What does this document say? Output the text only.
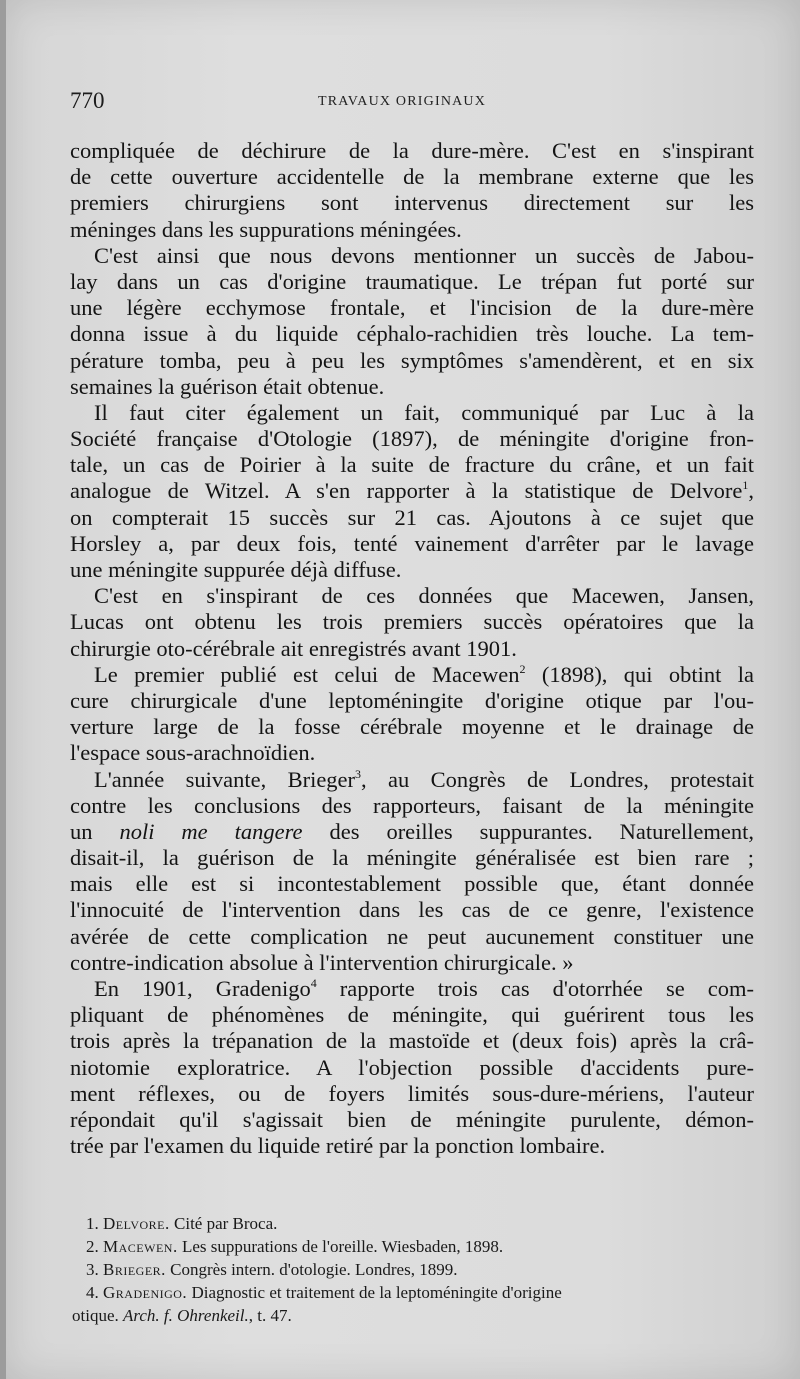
770	TRAVAUX ORIGINAUX
compliquée de déchirure de la dure-mère. C'est en s'inspirant
de cette ouverture accidentelle de la membrane externe que les
premiers chirurgiens sont intervenus directement sur les
méninges dans les suppurations méningées.
C'est ainsi que nous devons mentionner un succès de Jabou-
lay dans un cas d'origine traumatique. Le trépan fut porté sur
une légère ecchymose frontale, et l'incision de la dure-mère
donna issue à du liquide céphalo-rachidien très louche. La tem-
pérature tomba, peu à peu les symptômes s'amendèrent, et en six
semaines la guérison était obtenue.
Il faut citer également un fait, communiqué par Luc à la
Société française d'Otologie (1897), de méningite d'origine fron-
tale, un cas de Poirier à la suite de fracture du crâne, et un fait
analogue de Witzel. A s'en rapporter à la statistique de Delvore$^1$,
on compterait 15 succès sur 21 cas. Ajoutons à ce sujet que
Horsley a, par deux fois, tenté vainement d'arrêter par le lavage
une méningite suppurée déjà diffuse.
C'est en s'inspirant de ces données que Macewen, Jansen,
Lucas ont obtenu les trois premiers succès opératoires que la
chirurgie oto-cérébrale ait enregistrés avant 1901.
Le premier publié est celui de Macewen$^2$ (1898), qui obtint la
cure chirurgicale d'une leptoméningite d'origine otique par l'ou-
verture large de la fosse cérébrale moyenne et le drainage de
l'espace sous-arachnoïdien.
L'année suivante, Brieger$^3$, au Congrès de Londres, protestait
contre les conclusions des rapporteurs, faisant de la méningite
un noli me tangere des oreilles suppurantes. Naturellement,
disait-il, la guérison de la méningite généralisée est bien rare ;
mais elle est si incontestablement possible que, étant donnée
l'innocuité de l'intervention dans les cas de ce genre, l'existence
avérée de cette complication ne peut aucunement constituer une
contre-indication absolue à l'intervention chirurgicale. »
En 1901, Gradenigo$^4$ rapporte trois cas d'otorrhée se com-
pliquant de phénomènes de méningite, qui guérirent tous les
trois après la trépanation de la mastoïde et (deux fois) après la crâ-
niotomie exploratrice. A l'objection possible d'accidents pure-
ment réflexes, ou de foyers limités sous-dure-mériens, l'auteur
répondait qu'il s'agissait bien de méningite purulente, démon-
trée par l'examen du liquide retiré par la ponction lombaire.
1. Delvore. Cité par Broca.
2. Macewen. Les suppurations de l'oreille. Wiesbaden, 1898.
3. Brieger. Congrès intern. d'otologie. Londres, 1899.
4. Gradenigo. Diagnostic et traitement de la leptoméningite d'origine
otique. Arch. f. Ohrenkeil., t. 47.
